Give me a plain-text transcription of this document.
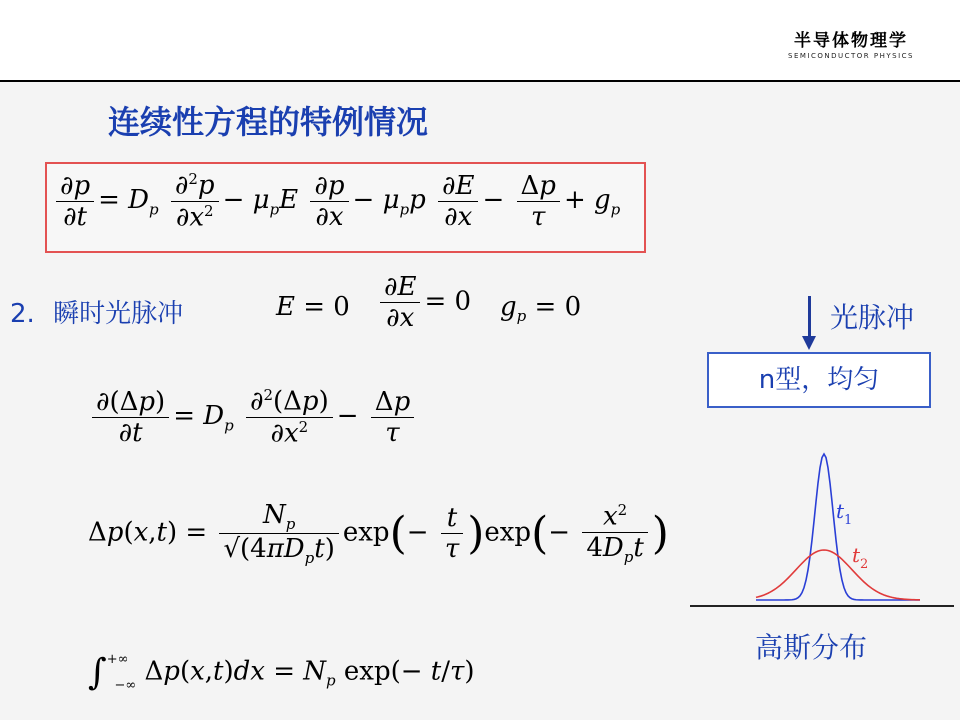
半导体物理学
SEMICONDUCTOR PHYSICS
连续性方程的特例情况
$\frac{\partial p}{\partial t} = D_p \frac{\partial^2p}{\partial x^2} - \mu_pE \frac{\partial p}{\partial x} - \mu_pp \frac{\partial E}{\partial x} - \frac{\Delta p}{\tau} + g_p$
2. 瞬时光脉冲	$E = 0 \frac{\partial E}{\partial x} = 0$ $g_p = 0$
$\frac{\partial(\Delta p)}{\partial t} = D_p \frac{\partial^2(\Delta p)}{\partial x^2} - \frac{\Delta p}{\tau}$
$\Delta p(x,t) = \frac{N_p}{√(4\pi D_pt)} \exp(- \frac{t}{\tau} )\exp(- \frac{x^2}{4D_pt}$ )
∫+∞−∞ $\Delta p(x,t)dx = N_p$ exp(− t/τ)
光脉冲
n型，均匀
$t_1$
$t_2$
高斯分布
